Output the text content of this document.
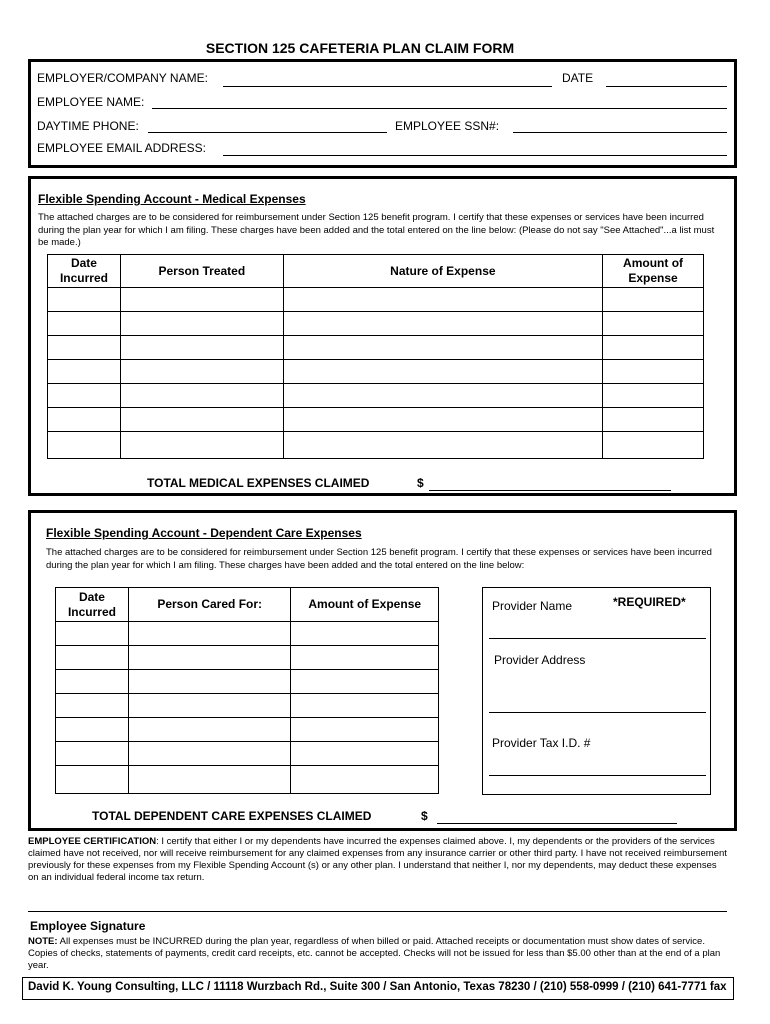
SECTION 125 CAFETERIA PLAN CLAIM FORM
EMPLOYER/COMPANY NAME:	DATE
EMPLOYEE NAME:
DAYTIME PHONE:	EMPLOYEE SSN#:
EMPLOYEE EMAIL ADDRESS:
Flexible Spending Account - Medical Expenses
The attached charges are to be considered for reimbursement under Section 125 benefit program. I certify that these expenses or services have been incurred during the plan year for which I am filing. These charges have been added and the total entered on the line below: (Please do not say "See Attached"...a list must be made.)
Date Incurred	Person Treated	Nature of Expense	Amount of Expense

TOTAL MEDICAL EXPENSES CLAIMED	$
Flexible Spending Account - Dependent Care Expenses
The attached charges are to be considered for reimbursement under Section 125 benefit program. I certify that these expenses or services have been incurred during the plan year for which I am filing. These charges have been added and the total entered on the line below:
Date Incurred	Person Cared For:	Amount of Expense

			Provider Name	*REQUIRED*
Provider Address
Provider Tax I.D. #
TOTAL DEPENDENT CARE EXPENSES CLAIMED	$
EMPLOYEE CERTIFICATION: I certify that either I or my dependents have incurred the expenses claimed above. I, my dependents or the providers of the services claimed have not received, nor will receive reimbursement for any claimed expenses from any insurance carrier or other third party. I have not received reimbursement previously for these expenses from my Flexible Spending Account (s) or any other plan. I understand that neither I, nor my dependents, may deduct these expenses on an individual federal income tax return.
Employee Signature
NOTE: All expenses must be INCURRED during the plan year, regardless of when billed or paid. Attached receipts or documentation must show dates of service. Copies of checks, statements of payments, credit card receipts, etc. cannot be accepted. Checks will not be issued for less than $5.00 other than at the end of a plan year.
David K. Young Consulting, LLC / 11118 Wurzbach Rd., Suite 300 / San Antonio, Texas 78230 / (210) 558-0999 / (210) 641-7771 fax
